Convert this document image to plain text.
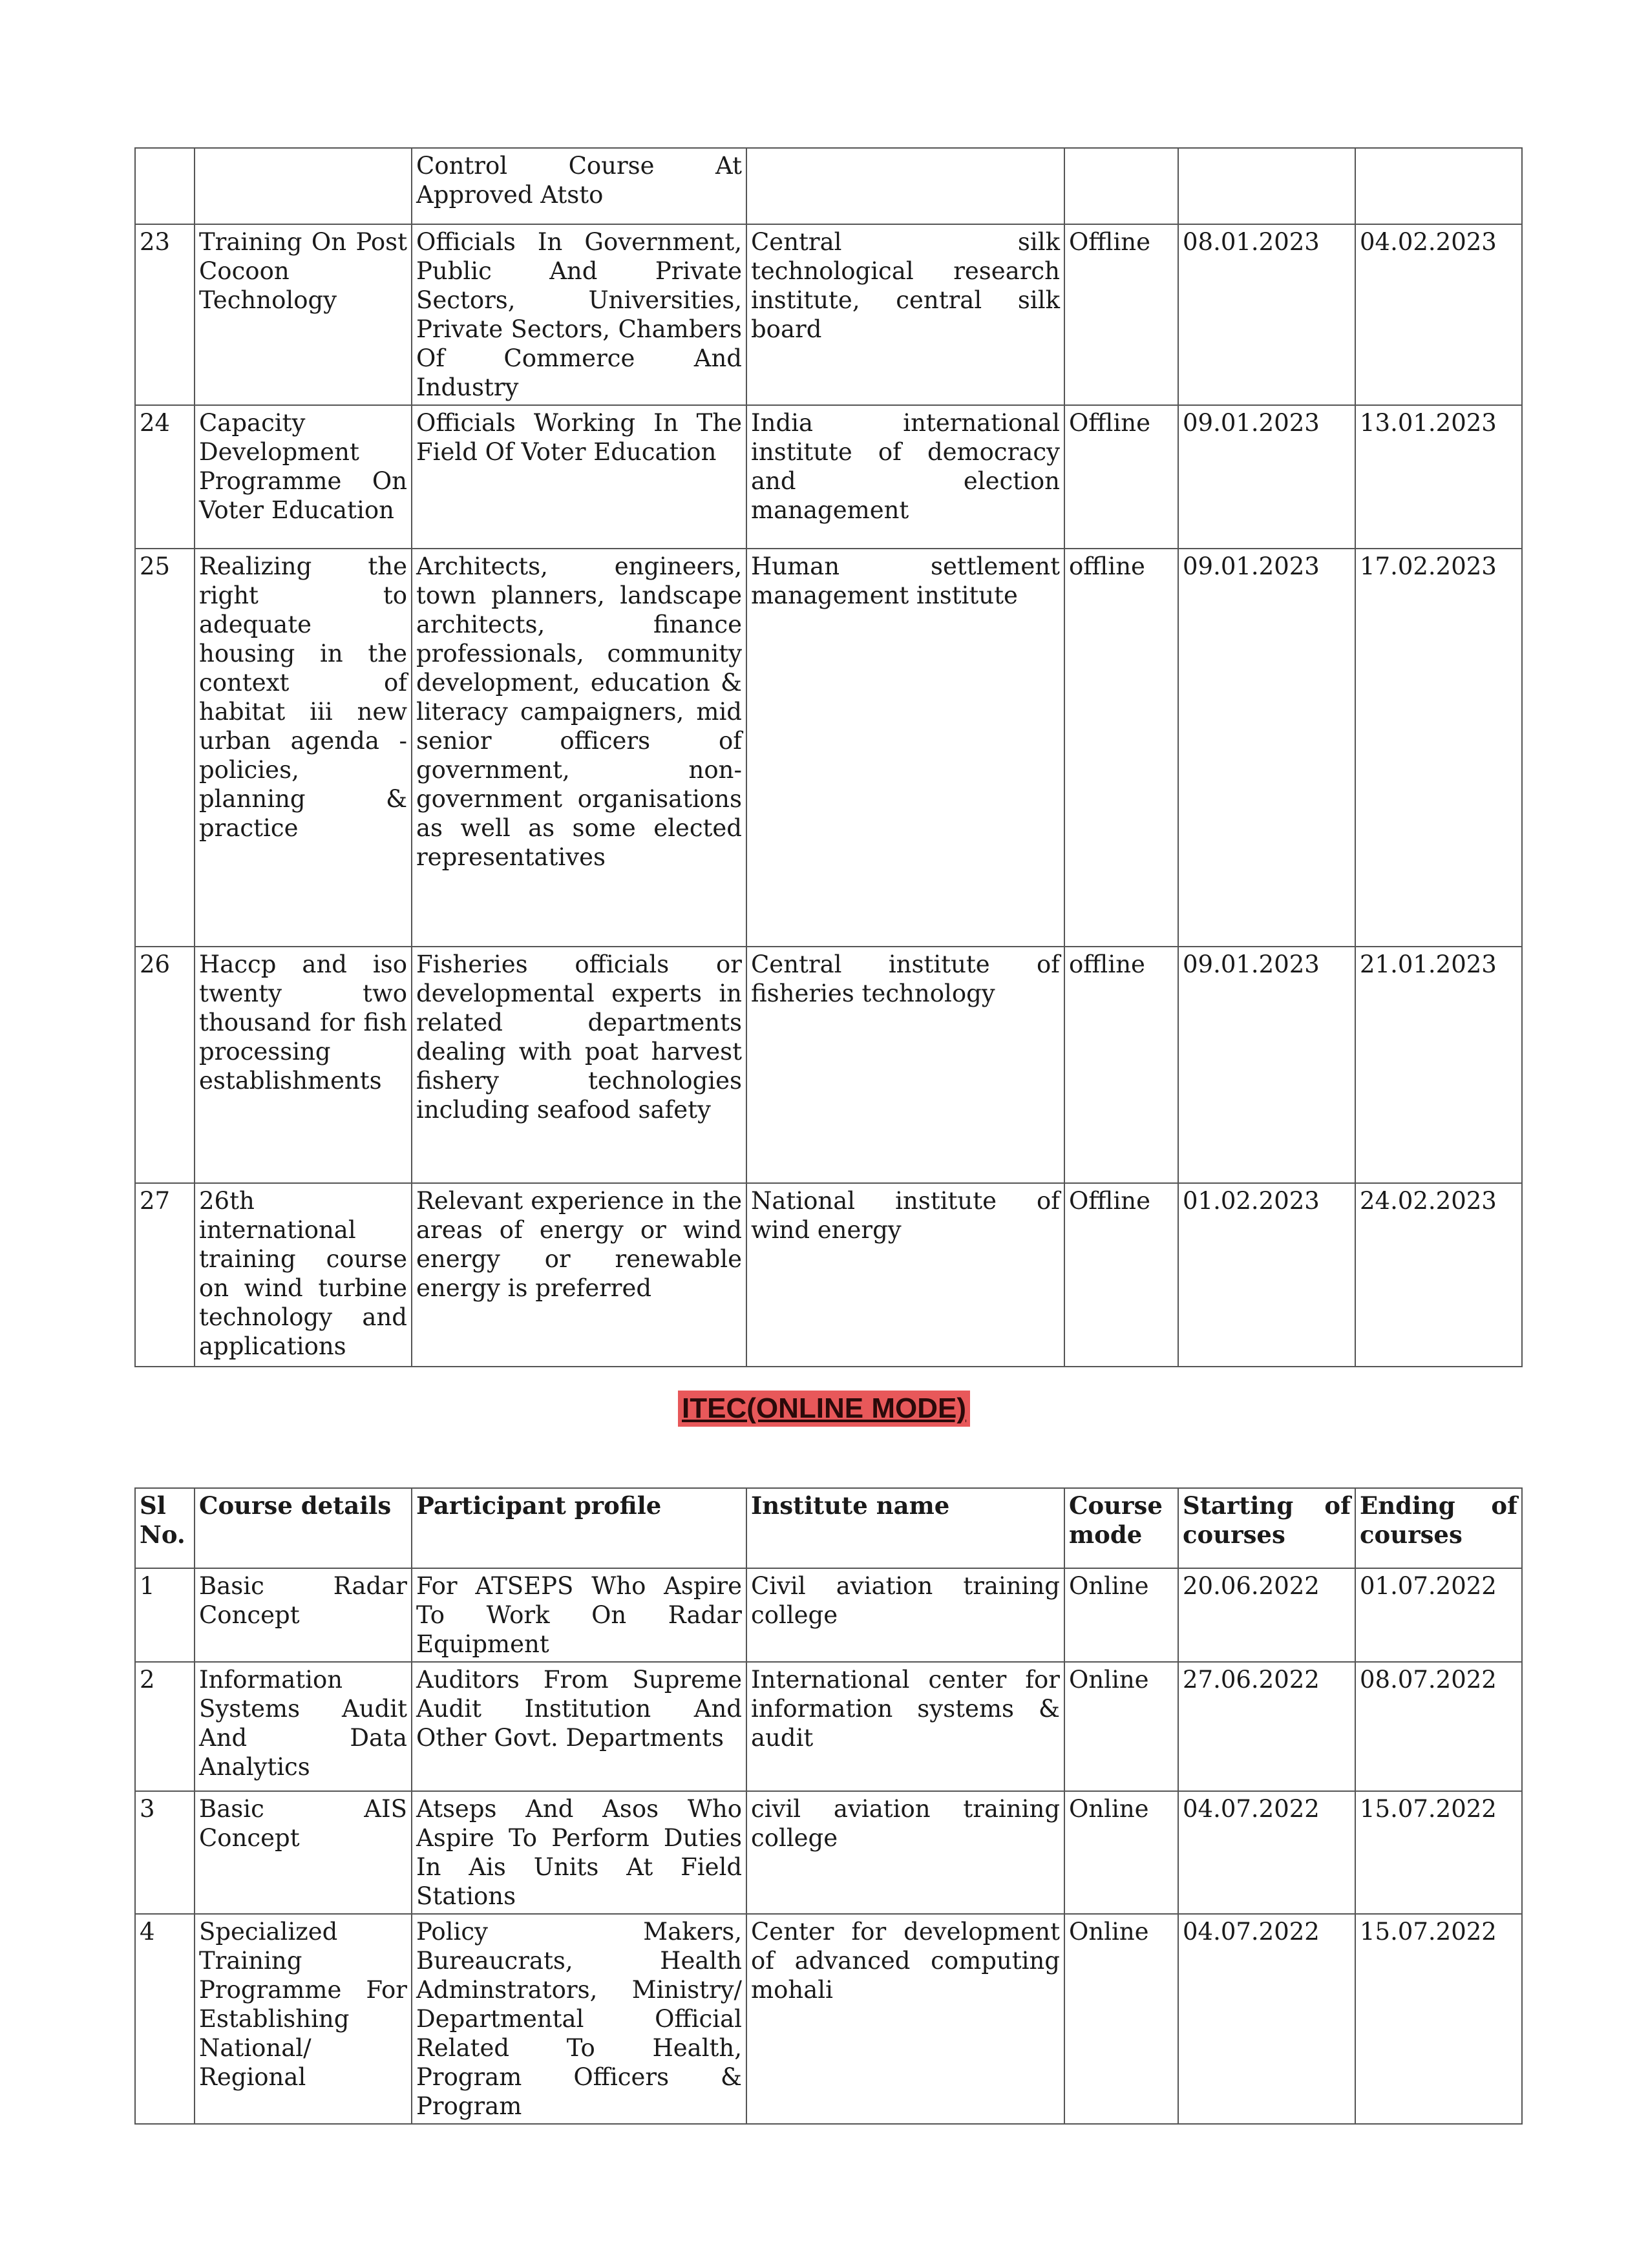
		Control Course At Approved Atsto				
23	Training On Post Cocoon Technology	Officials In Government, Public And Private Sectors, Universities, Private Sectors, Chambers Of Commerce And Industry	Central silk technological research institute, central silk board	Offline	08.01.2023	04.02.2023
24	Capacity Development Programme On Voter Education	Officials Working In The Field Of Voter Education	India international institute of democracy and election management	Offline	09.01.2023	13.01.2023
25	Realizing the right to adequate housing in the context of habitat iii new urban agenda - policies, planning & practice	Architects, engineers, town planners, landscape architects, finance professionals, community development, education & literacy campaigners, mid senior officers of government, non-government organisations as well as some elected representatives	Human settlement management institute	offline	09.01.2023	17.02.2023
26	Haccp and iso twenty two thousand for fish processing establishments	Fisheries officials or developmental experts in related departments dealing with poat harvest fishery technologies including seafood safety	Central institute of fisheries technology	offline	09.01.2023	21.01.2023
27	26th international training course on wind turbine technology and applications	Relevant experience in the areas of energy or wind energy or renewable energy is preferred	National institute of wind energy	Offline	01.02.2023	24.02.2023
ITEC(ONLINE MODE)
Sl No.	Course details	Participant profile	Institute name	Course mode	Starting of courses	Ending of courses
1	Basic Radar Concept	For ATSEPS Who Aspire To Work On Radar Equipment	Civil aviation training college	Online	20.06.2022	01.07.2022
2	Information Systems Audit And Data Analytics	Auditors From Supreme Audit Institution And Other Govt. Departments	International center for information systems & audit	Online	27.06.2022	08.07.2022
3	Basic AIS Concept	Atseps And Asos Who Aspire To Perform Duties In Ais Units At Field Stations	civil aviation training college	Online	04.07.2022	15.07.2022
4	Specialized Training Programme For Establishing National/ Regional	Policy Makers, Bureaucrats, Health Adminstrators, Ministry/ Departmental Official Related To Health, Program Officers & Program	Center for development of advanced computing mohali	Online	04.07.2022	15.07.2022
